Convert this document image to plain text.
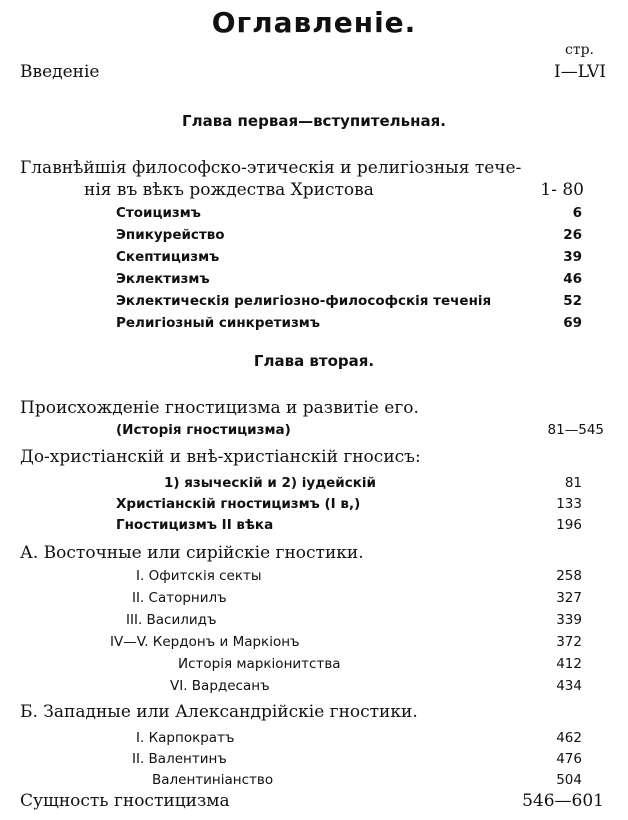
Оглавленіе.
стр.
Введеніе	I—LVI
Глава первая—вступительная.
Главнѣйшія философско-этическія и религіозныя тече-
нія въ вѣкъ рождества Христова	1- 80
Стоицизмъ	6
Эпикурейство	26
Скептицизмъ	39
Эклектизмъ	46
Эклектическія религіозно-философскія теченія	52
Религіозный синкретизмъ	69
Глава вторая.
Происхожденіе гностицизма и развитіе его.
(Исторія гностицизма)	81—545
До-христіанскій и внѣ-христіанскій гносисъ:
1) языческій и 2) іудейскій	81
Христіанскій гностицизмъ (I в,)	133
Гностицизмъ II вѣка	196
А. Восточные или сирійскіе гностики.
I. Офитскія секты	258
II. Саторнилъ	327
III. Василидъ	339
IV—V. Кердонъ и Маркіонъ	372
Исторія маркіонитства	412
VI. Вардесанъ	434
Б. Западные или Александрійскіе гностики.
I. Карпократъ	462
II. Валентинъ	476
Валентиніанство	504
Сущность гностицизма	546—601
